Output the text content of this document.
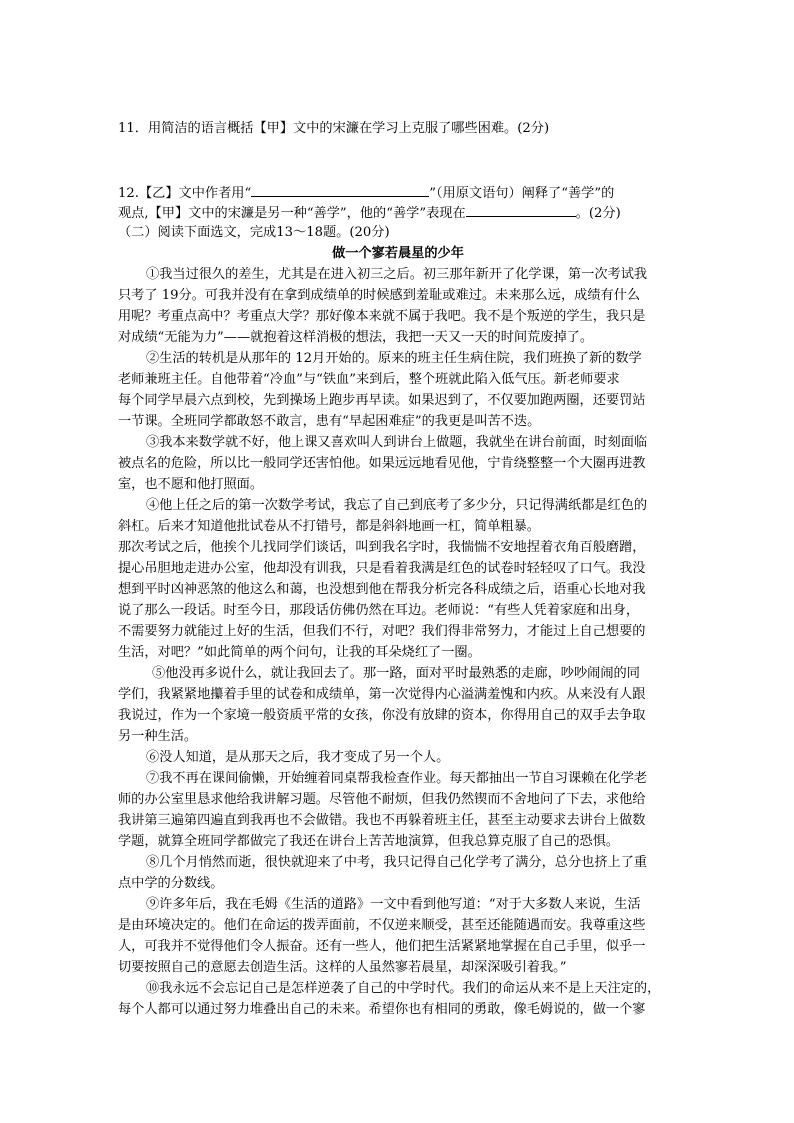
11．用简洁的语言概括【甲】文中的宋濂在学习上克服了哪些困难。(2分)
12.【乙】文中作者用“	”（用原文语句）阐释了“善学”的
观点,【甲】文中的宋濂是另一种“善学”，他的“善学”表现在	。(2分)
（二）阅读下面选文，完成13～18题。(20分)
做一个寥若晨星的少年
①我当过很久的差生，尤其是在进入初三之后。初三那年新开了化学课，第一次考试我
只考了 19分。可我并没有在拿到成绩单的时候感到羞耻或难过。未来那么远，成绩有什么
用呢？考重点高中？考重点大学？那好像本来就不属于我吧。我不是个叛逆的学生，我只是
对成绩“无能为力”——就抱着这样消极的想法，我把一天又一天的时间荒废掉了。
②生活的转机是从那年的 12月开始的。原来的班主任生病住院，我们班换了新的数学
老师兼班主任。自他带着“冷血”与“铁血”来到后，整个班就此陷入低气压。新老师要求
每个同学早晨六点到校，先到操场上跑步再早读。如果迟到了，不仅要加跑两圈，还要罚站
一节课。全班同学都敢怒不敢言，患有“早起困难症”的我更是叫苦不迭。
③我本来数学就不好，他上课又喜欢叫人到讲台上做题，我就坐在讲台前面，时刻面临
被点名的危险，所以比一般同学还害怕他。如果远远地看见他，宁肯绕整整一个大圈再进教
室，也不愿和他打照面。
④他上任之后的第一次数学考试，我忘了自己到底考了多少分，只记得满纸都是红色的
斜杠。后来才知道他批试卷从不打错号，都是斜斜地画一杠，简单粗暴。
那次考试之后，他挨个儿找同学们谈话，叫到我名字时，我惴惴不安地捏着衣角百般磨蹭，
提心吊胆地走进办公室，他却没有训我，只是看着我满是红色的试卷时轻轻叹了口气。我没
想到平时凶神恶煞的他这么和蔼，也没想到他在帮我分析完各科成绩之后，语重心长地对我
说了那么一段话。时至今日，那段话仿佛仍然在耳边。老师说：“有些人凭着家庭和出身，
不需要努力就能过上好的生活，但我们不行，对吧？我们得非常努力，才能过上自己想要的
生活，对吧？”如此简单的两个问句，让我的耳朵烧红了一圈。
⑤他没再多说什么，就让我回去了。那一路，面对平时最熟悉的走廊，吵吵闹闹的同
学们，我紧紧地攥着手里的试卷和成绩单，第一次觉得内心溢满羞愧和内疚。从来没有人跟
我说过，作为一个家境一般资质平常的女孩，你没有放肆的资本，你得用自己的双手去争取
另一种生活。
⑥没人知道，是从那天之后，我才变成了另一个人。
⑦我不再在课间偷懒，开始缠着同桌帮我检查作业。每天都抽出一节自习课赖在化学老
师的办公室里恳求他给我讲解习题。尽管他不耐烦，但我仍然锲而不舍地问了下去，求他给
我讲第三遍第四遍直到我再也不会做错。我也不再躲着班主任，甚至主动要求去讲台上做数
学题，就算全班同学都做完了我还在讲台上苦苦地演算，但我总算克服了自己的恐惧。
⑧几个月悄然而逝，很快就迎来了中考，我只记得自己化学考了满分，总分也挤上了重
点中学的分数线。
⑨许多年后，我在毛姆《生活的道路》一文中看到他写道：“对于大多数人来说，生活
是由环境决定的。他们在命运的拨弄面前，不仅逆来顺受，甚至还能随遇而安。我尊重这些
人，可我并不觉得他们令人振奋。还有一些人，他们把生活紧紧地掌握在自己手里，似乎一
切要按照自己的意愿去创造生活。这样的人虽然寥若晨星，却深深吸引着我。”
⑩我永远不会忘记自己是怎样逆袭了自己的中学时代。我们的命运从来不是上天注定的，
每个人都可以通过努力堆叠出自己的未来。希望你也有相同的勇敢，像毛姆说的，做一个寥
